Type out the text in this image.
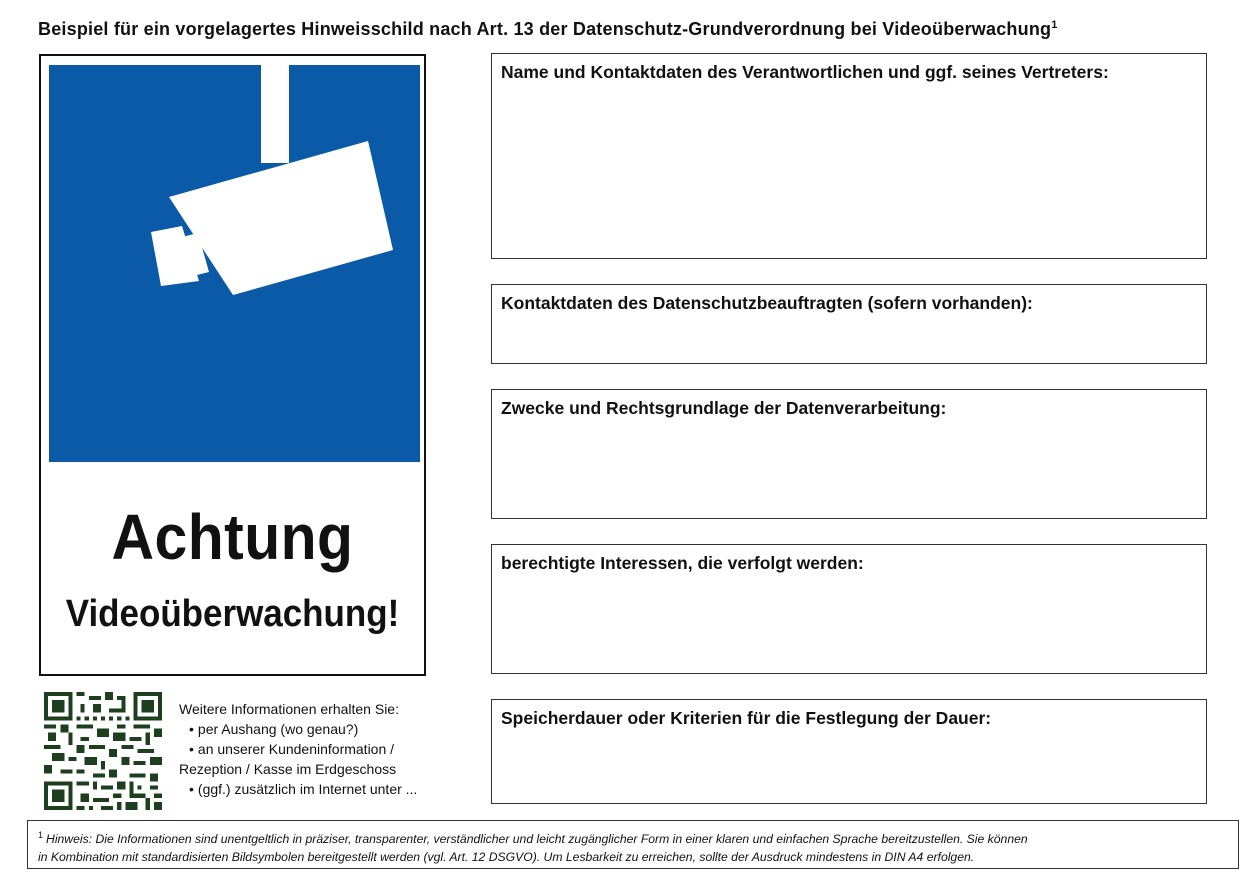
Beispiel für ein vorgelagertes Hinweisschild nach Art. 13 der Datenschutz-Grundverordnung bei Videoüberwachung$^1$
Achtung
Videoüberwachung!
Name und Kontaktdaten des Verantwortlichen und ggf. seines Vertreters:
Kontaktdaten des Datenschutzbeauftragten (sofern vorhanden):
Zwecke und Rechtsgrundlage der Datenverarbeitung:
berechtigte Interessen, die verfolgt werden:
Speicherdauer oder Kriterien für die Festlegung der Dauer:
Weitere Informationen erhalten Sie:
• per Aushang (wo genau?)
• an unserer Kundeninformation /
Rezeption / Kasse im Erdgeschoss
• (ggf.) zusätzlich im Internet unter ...
$^1$ Hinweis: Die Informationen sind unentgeltlich in präziser, transparenter, verständlicher und leicht zugänglicher Form in einer klaren und einfachen Sprache bereitzustellen. Sie können
in Kombination mit standardisierten Bildsymbolen bereitgestellt werden (vgl. Art. 12 DSGVO). Um Lesbarkeit zu erreichen, sollte der Ausdruck mindestens in DIN A4 erfolgen.
